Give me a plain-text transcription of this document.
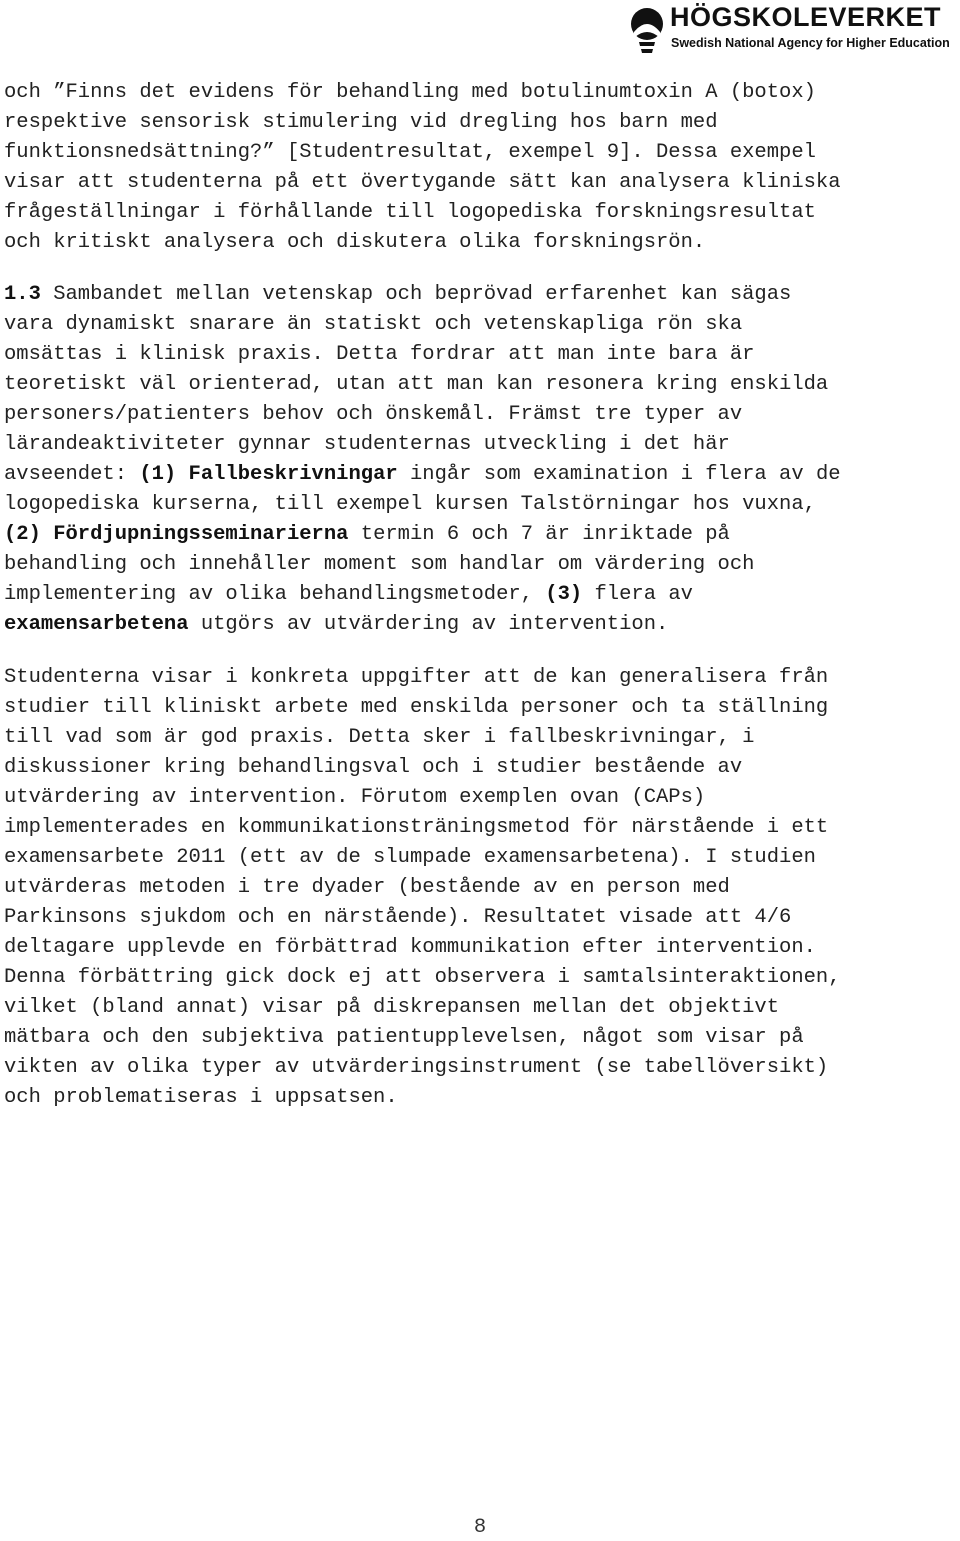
HÖGSKOLEVERKET
Swedish National Agency for Higher Education
och ”Finns det evidens för behandling med botulinumtoxin A (botox)
respektive sensorisk stimulering vid dregling hos barn med
funktionsnedsättning?” [Studentresultat, exempel 9]. Dessa exempel
visar att studenterna på ett övertygande sätt kan analysera kliniska
frågeställningar i förhållande till logopediska forskningsresultat
och kritiskt analysera och diskutera olika forskningsrön.
1.3 Sambandet mellan vetenskap och beprövad erfarenhet kan sägas
vara dynamiskt snarare än statiskt och vetenskapliga rön ska
omsättas i klinisk praxis. Detta fordrar att man inte bara är
teoretiskt väl orienterad, utan att man kan resonera kring enskilda
personers/patienters behov och önskemål. Främst tre typer av
lärandeaktiviteter gynnar studenternas utveckling i det här
avseendet: (1) Fallbeskrivningar ingår som examination i flera av de
logopediska kurserna, till exempel kursen Talstörningar hos vuxna,
(2) Fördjupningsseminarierna termin 6 och 7 är inriktade på
behandling och innehåller moment som handlar om värdering och
implementering av olika behandlingsmetoder, (3) flera av
examensarbetena utgörs av utvärdering av intervention.
Studenterna visar i konkreta uppgifter att de kan generalisera från
studier till kliniskt arbete med enskilda personer och ta ställning
till vad som är god praxis. Detta sker i fallbeskrivningar, i
diskussioner kring behandlingsval och i studier bestående av
utvärdering av intervention. Förutom exemplen ovan (CAPs)
implementerades en kommunikationsträningsmetod för närstående i ett
examensarbete 2011 (ett av de slumpade examensarbetena). I studien
utvärderas metoden i tre dyader (bestående av en person med
Parkinsons sjukdom och en närstående). Resultatet visade att 4/6
deltagare upplevde en förbättrad kommunikation efter intervention.
Denna förbättring gick dock ej att observera i samtalsinteraktionen,
vilket (bland annat) visar på diskrepansen mellan det objektivt
mätbara och den subjektiva patientupplevelsen, något som visar på
vikten av olika typer av utvärderingsinstrument (se tabellöversikt)
och problematiseras i uppsatsen.
8
